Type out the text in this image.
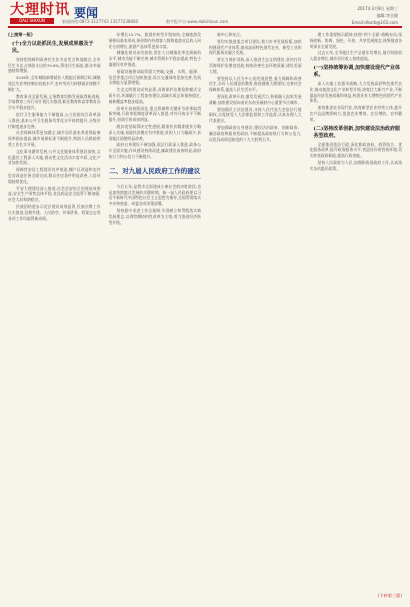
大理时讯
DALI SHIXUN
要闻
新闻热线:0872-2127743 13577238800	数字报平台:www.dalishixun.com
2017年3月8日 星期三
编辑:李全晓
Email:dlsxrb@163.com

(上接第一版)

(十)全力以赴抓民生,发展成果惠及于民。

坚持把保障和改善民生作为出发点和落脚点,全市民生支出占财政支出的70.6%,筹化民生福祉,群众幸福感持续增强。

2016年,全年城镇新增就业人数超过预期目标,城镇登记失业率控制在较低水平,农村劳动力转移就业规模不断扩大。

教育事业全面发展,义务教育均衡发展取得新进展,学前教育三年行动计划扎实推进,职业教育和高等教育办学水平稳步提升。

医疗卫生服务能力不断提高,公立医院综合改革深入推进,基本公共卫生服务均等化水平持续提升,分级诊疗制度逐步完善。

社会保障体系更加健全,城乡居民基本养老保险参保率稳步提高,城乡低保标准不断提升,特困人员救助供养工作扎实开展。

文化事业繁荣发展,公共文化服务体系建设加快,文化惠民工程深入实施,群众性文化活动丰富多彩,文化产业加快发展。

保障性安居工程建设有序推进,棚户区改造和农村危房改造任务全面完成,群众住房条件明显改善,人居环境持续优化。

平安大理建设深入推进,社会治安综合治理成效明显,安全生产形势总体平稳,食品药品安全监管不断加强,社会大局和谐稳定。

民族团结进步示范区建设成效显著,民族宗教工作扎实推进,双拥共建、人民防空、外事侨务、档案史志等各项工作均取得新成绩。

年增长15.7%。旅游业转型升级加快,全域旅游发展格局基本形成,接待海内外游客人数和旅游业总收入同比分别增长,旅游产品体系更加丰富。

城镇化建设步伐加快,常住人口城镇化率达到新的水平,城市功能不断完善,城市管理水平稳步提高,特色小镇建设有序推进。

基础设施建设取得重大突破,交通、水利、能源、信息等重点项目加快推进,综合交通网络更加完善,发展支撑能力显著增强。

生态文明建设成效显著,洱海保护治理抢救模式全面开启,环湖截污工程加快建设,流域水质总体保持稳定,森林覆盖率稳步提高。

改革开放持续深化,重点领域和关键环节改革取得新突破,行政审批制度改革深入推进,对外开放水平不断提升,招商引资成效明显。

脱贫攻坚取得决定性进展,精准扶贫精准脱贫方略深入实施,易地扶贫搬迁有序推进,贫困人口大幅减少,贫困地区面貌明显改善。

政府自身建设不断加强,依法行政深入推进,政务公开全面实施,作风建设持续改进,廉政建设成效明显,政府执行力和公信力不断提升。

二、对九届人民政府工作的建议

今后五年,是我市全面建成小康社会的决胜阶段,也是加快跨越式发展的关键时期。新一届人民政府要以习近平新时代中国特色社会主义思想为指导,全面贯彻落实中央和省委、州委各项决策部署。

坚持稳中求进工作总基调,牢固树立和贯彻落实新发展理念,以供给侧结构性改革为主线,着力推进经济转型升级。

新中心和亮点。

要切实推进重点项目建设,着力补齐发展短板,加快构建现代产业体系,推动高原特色现代农业、新型工业和现代服务业融合发展。

要全力保护洱海,深入推进生态文明建设,坚决打好洱海保护治理攻坚战,持续改善生态环境质量,建设美丽大理。

要坚持以人民为中心的发展思想,着力保障和改善民生,办好人民满意的教育,推进健康大理建设,完善社会保障体系,提高人民生活水平。

要深化改革开放,激发发展活力,积极融入国家发展战略,加快建设面向南亚东南亚辐射中心重要节点城市。

要加强民主法治建设,支持人民代表大会依法行使职权,自觉接受人大法律监督和工作监督,认真办理人大代表建议。

要加强政府自身建设,建设法治政府、创新政府、廉洁政府和服务型政府,不断提高政府执行力和公信力,以优异成绩迎接党的十九大胜利召开。

理工作重要指示精神,按照"四个全面"战略布局,坚持创新、协调、绿色、开放、共享发展理念,统筹推进各项事业全面发展。

过去五年,全市地区生产总值年均增长,地方财政收入稳步增长,城乡居民收入持续提高。

(一)坚持统筹协调,加快建设现代产业体系。

深入实施工业强市战略,大力发展高原特色现代农业,推动旅游文化产业转型升级,培育壮大新兴产业,不断提高经济发展质量和效益,构建具有大理特色的现代产业体系。

加快推进农业现代化,培育新型农业经营主体,提升农产品品牌影响力,促进农业增效、农民增收、农村繁荣。

(二)坚持改革创新,加快建设法治政府服务型政府。

全面推进依法行政,深化简政放权、放管结合、优化服务改革,提升政务服务水平,营造良好的营商环境,切实转变政府职能,提高行政效能。

坚持人民政府为人民,加强和改进政府工作,认真落实各项惠民政策。

(下转第三版)
